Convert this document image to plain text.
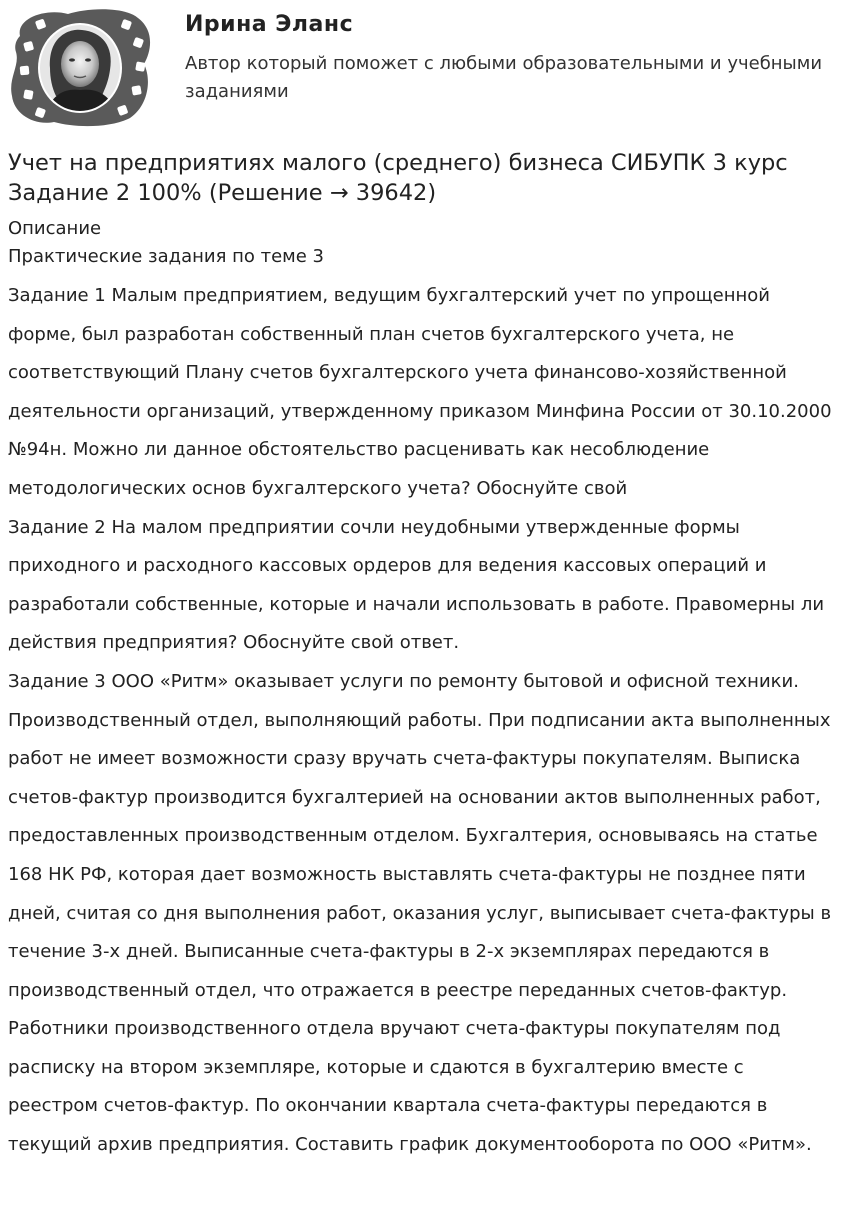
Ирина Эланс
Автор который поможет с любыми образовательными и учебными заданиями
Учет на предприятиях малого (среднего) бизнеса СИБУПК 3 курс Задание 2 100% (Решение → 39642)
Описание
Практические задания по теме 3

Задание 1 Малым предприятием, ведущим бухгалтерский учет по упрощенной форме, был разработан собственный план счетов бухгалтерского учета, не соответствующий Плану счетов бухгалтерского учета финансово-хозяйственной деятельности организаций, утвержденному приказом Минфина России от 30.10.2000 №94н. Можно ли данное обстоятельство расценивать как несоблюдение методологических основ бухгалтерского учета? Обоснуйте свой

Задание 2 На малом предприятии сочли неудобными утвержденные формы приходного и расходного кассовых ордеров для ведения кассовых операций и разработали собственные, которые и начали использовать в работе. Правомерны ли действия предприятия? Обоснуйте свой ответ.

Задание 3 ООО «Ритм» оказывает услуги по ремонту бытовой и офисной техники. Производственный отдел, выполняющий работы. При подписании акта выполненных работ не имеет возможности сразу вручать счета-фактуры покупателям. Выписка счетов-фактур производится бухгалтерией на основании актов выполненных работ, предоставленных производственным отделом. Бухгалтерия, основываясь на статье 168 НК РФ, которая дает возможность выставлять счета-фактуры не позднее пяти дней, считая со дня выполнения работ, оказания услуг, выписывает счета-фактуры в течение 3-х дней. Выписанные счета-фактуры в 2-х экземплярах передаются в производственный отдел, что отражается в реестре переданных счетов-фактур. Работники производственного отдела вручают счета-фактуры покупателям под расписку на втором экземпляре, которые и сдаются в бухгалтерию вместе с реестром счетов-фактур. По окончании квартала счета-фактуры передаются в текущий архив предприятия. Составить график документооборота по ООО «Ритм».
